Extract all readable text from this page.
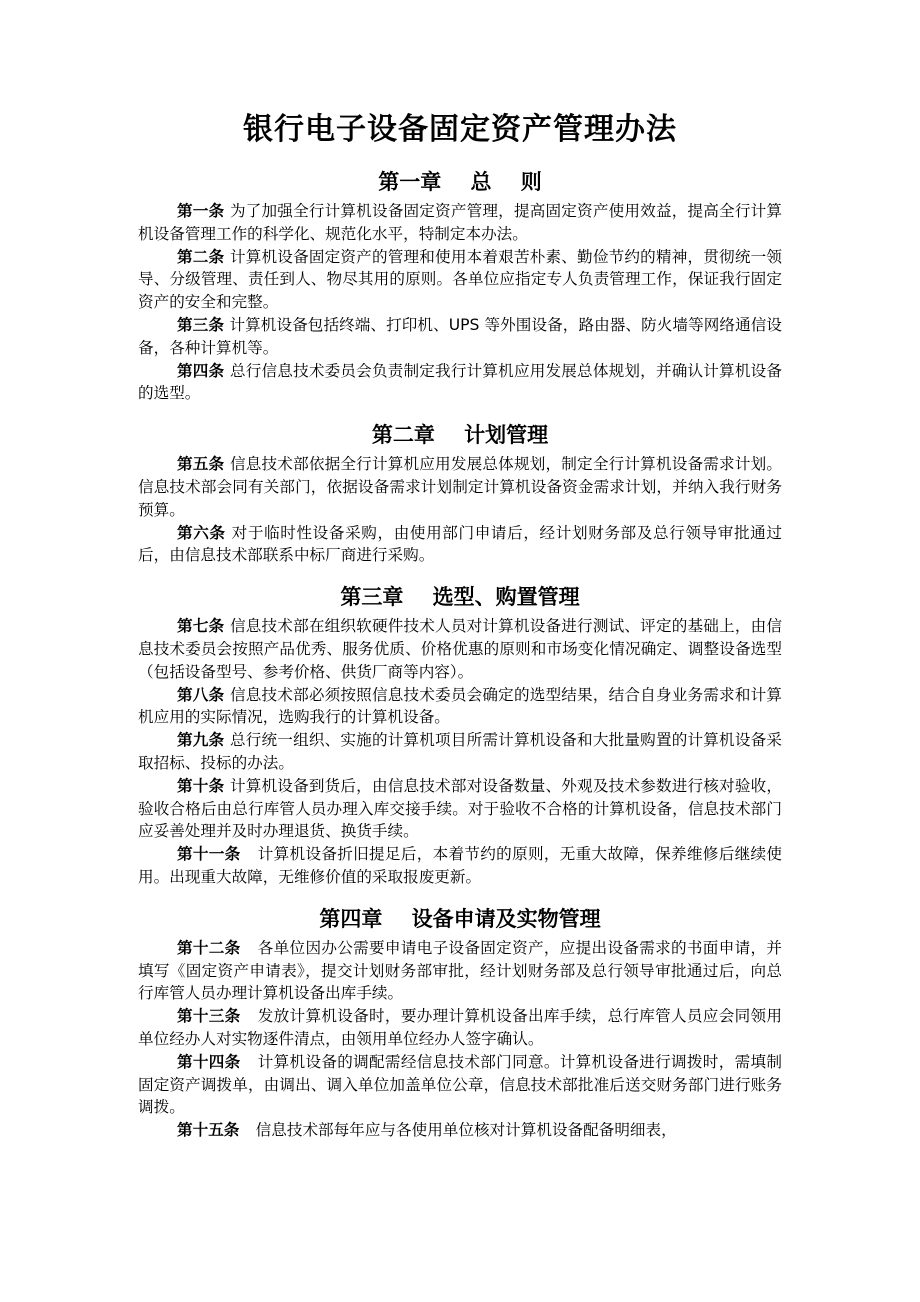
银行电子设备固定资产管理办法
第一章    总    则

第一条 为了加强全行计算机设备固定资产管理，提高固定资产使用效益，提高全行计算机设备管理工作的科学化、规范化水平，特制定本办法。

第二条 计算机设备固定资产的管理和使用本着艰苦朴素、勤俭节约的精神，贯彻统一领导、分级管理、责任到人、物尽其用的原则。各单位应指定专人负责管理工作，保证我行固定资产的安全和完整。

第三条 计算机设备包括终端、打印机、UPS 等外围设备，路由器、防火墙等网络通信设备，各种计算机等。

第四条 总行信息技术委员会负责制定我行计算机应用发展总体规划，并确认计算机设备的选型。

第二章    计划管理

第五条 信息技术部依据全行计算机应用发展总体规划，制定全行计算机设备需求计划。信息技术部会同有关部门，依据设备需求计划制定计算机设备资金需求计划，并纳入我行财务预算。

第六条 对于临时性设备采购，由使用部门申请后，经计划财务部及总行领导审批通过后，由信息技术部联系中标厂商进行采购。

第三章    选型、购置管理

第七条 信息技术部在组织软硬件技术人员对计算机设备进行测试、评定的基础上，由信息技术委员会按照产品优秀、服务优质、价格优惠的原则和市场变化情况确定、调整设备选型（包括设备型号、参考价格、供货厂商等内容）。

第八条 信息技术部必须按照信息技术委员会确定的选型结果，结合自身业务需求和计算机应用的实际情况，选购我行的计算机设备。

第九条 总行统一组织、实施的计算机项目所需计算机设备和大批量购置的计算机设备采取招标、投标的办法。

第十条 计算机设备到货后，由信息技术部对设备数量、外观及技术参数进行核对验收，验收合格后由总行库管人员办理入库交接手续。对于验收不合格的计算机设备，信息技术部门应妥善处理并及时办理退货、换货手续。

第十一条   计算机设备折旧提足后，本着节约的原则，无重大故障，保养维修后继续使用。出现重大故障，无维修价值的采取报废更新。

第四章    设备申请及实物管理

第十二条   各单位因办公需要申请电子设备固定资产，应提出设备需求的书面申请，并填写《固定资产申请表》，提交计划财务部审批，经计划财务部及总行领导审批通过后，向总行库管人员办理计算机设备出库手续。

第十三条   发放计算机设备时，要办理计算机设备出库手续，总行库管人员应会同领用单位经办人对实物逐件清点，由领用单位经办人签字确认。

第十四条   计算机设备的调配需经信息技术部门同意。计算机设备进行调拨时，需填制固定资产调拨单，由调出、调入单位加盖单位公章，信息技术部批准后送交财务部门进行账务调拨。

第十五条   信息技术部每年应与各使用单位核对计算机设备配备明细表，
